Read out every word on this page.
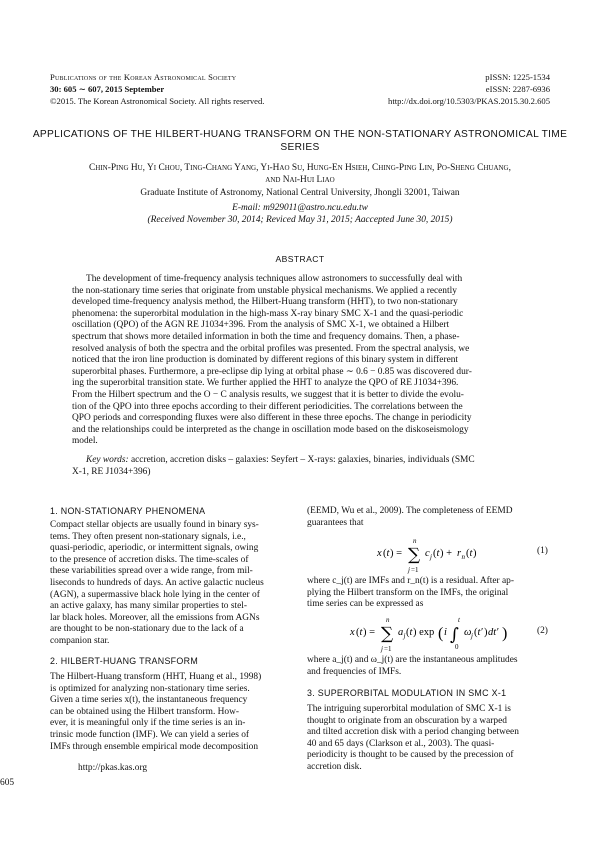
Publications of the Korean Astronomical Society
30: 605 ∼ 607, 2015 September
©2015. The Korean Astronomical Society. All rights reserved.
pISSN: 1225-1534
eISSN: 2287-6936
http://dx.doi.org/10.5303/PKAS.2015.30.2.605
APPLICATIONS OF THE HILBERT-HUANG TRANSFORM ON THE NON-STATIONARY ASTRONOMICAL TIME
SERIES
Chin-Ping Hu, Yi Chou, Ting-Chang Yang, Yi-Hao Su, Hung-En Hsieh, Ching-Ping Lin, Po-Sheng Chuang,
and Nai-Hui Liao
Graduate Institute of Astronomy, National Central University, Jhongli 32001, Taiwan
E-mail: m929011@astro.ncu.edu.tw
(Received November 30, 2014; Reviced May 31, 2015; Aaccepted June 30, 2015)
ABSTRACT
The development of time-frequency analysis techniques allow astronomers to successfully deal with
the non-stationary time series that originate from unstable physical mechanisms. We applied a recently
developed time-frequency analysis method, the Hilbert-Huang transform (HHT), to two non-stationary
phenomena: the superorbital modulation in the high-mass X-ray binary SMC X-1 and the quasi-periodic
oscillation (QPO) of the AGN RE J1034+396. From the analysis of SMC X-1, we obtained a Hilbert
spectrum that shows more detailed information in both the time and frequency domains. Then, a phase-
resolved analysis of both the spectra and the orbital profiles was presented. From the spectral analysis, we
noticed that the iron line production is dominated by different regions of this binary system in different
superorbital phases. Furthermore, a pre-eclipse dip lying at orbital phase ∼ 0.6 − 0.85 was discovered dur-
ing the superorbital transition state. We further applied the HHT to analyze the QPO of RE J1034+396.
From the Hilbert spectrum and the O − C analysis results, we suggest that it is better to divide the evolu-
tion of the QPO into three epochs according to their different periodicities. The correlations between the
QPO periods and corresponding fluxes were also different in these three epochs. The change in periodicity
and the relationships could be interpreted as the change in oscillation mode based on the diskoseismology
model.
Key words: accretion, accretion disks – galaxies: Seyfert – X-rays: galaxies, binaries, individuals (SMC
X-1, RE J1034+396)
1. NON-STATIONARY PHENOMENA
Compact stellar objects are usually found in binary sys-
tems. They often present non-stationary signals, i.e.,
quasi-periodic, aperiodic, or intermittent signals, owing
to the presence of accretion disks. The time-scales of
these variabilities spread over a wide range, from mil-
liseconds to hundreds of days. An active galactic nucleus
(AGN), a supermassive black hole lying in the center of
an active galaxy, has many similar properties to stel-
lar black holes. Moreover, all the emissions from AGNs
are thought to be non-stationary due to the lack of a
companion star.
2. HILBERT-HUANG TRANSFORM
The Hilbert-Huang transform (HHT, Huang et al., 1998)
is optimized for analyzing non-stationary time series.
Given a time series x(t), the instantaneous frequency
can be obtained using the Hilbert transform. How-
ever, it is meaningful only if the time series is an in-
trinsic mode function (IMF). We can yield a series of
IMFs through ensemble empirical mode decomposition
http://pkas.kas.org
(EEMD, Wu et al., 2009). The completeness of EEMD
guarantees that
x ( t ) =
n
∑
j =1
c j ( t ) + r n ( t )	(1)
where c_j(t) are IMFs and r_n(t) is a residual. After ap-
plying the Hilbert transform on the IMFs, the original
time series can be expressed as
x ( t ) =
n
∑
j =1
a j ( t ) exp ( i ∫
t
0
ω j ( t′ ) dt′ )	(2)
where a_j(t) and ω_j(t) are the instantaneous amplitudes
and frequencies of IMFs.
3. SUPERORBITAL MODULATION IN SMC X-1
The intriguing superorbital modulation of SMC X-1 is
thought to originate from an obscuration by a warped
and tilted accretion disk with a period changing between
40 and 65 days (Clarkson et al., 2003). The quasi-
periodicity is thought to be caused by the precession of
accretion disk.
605
